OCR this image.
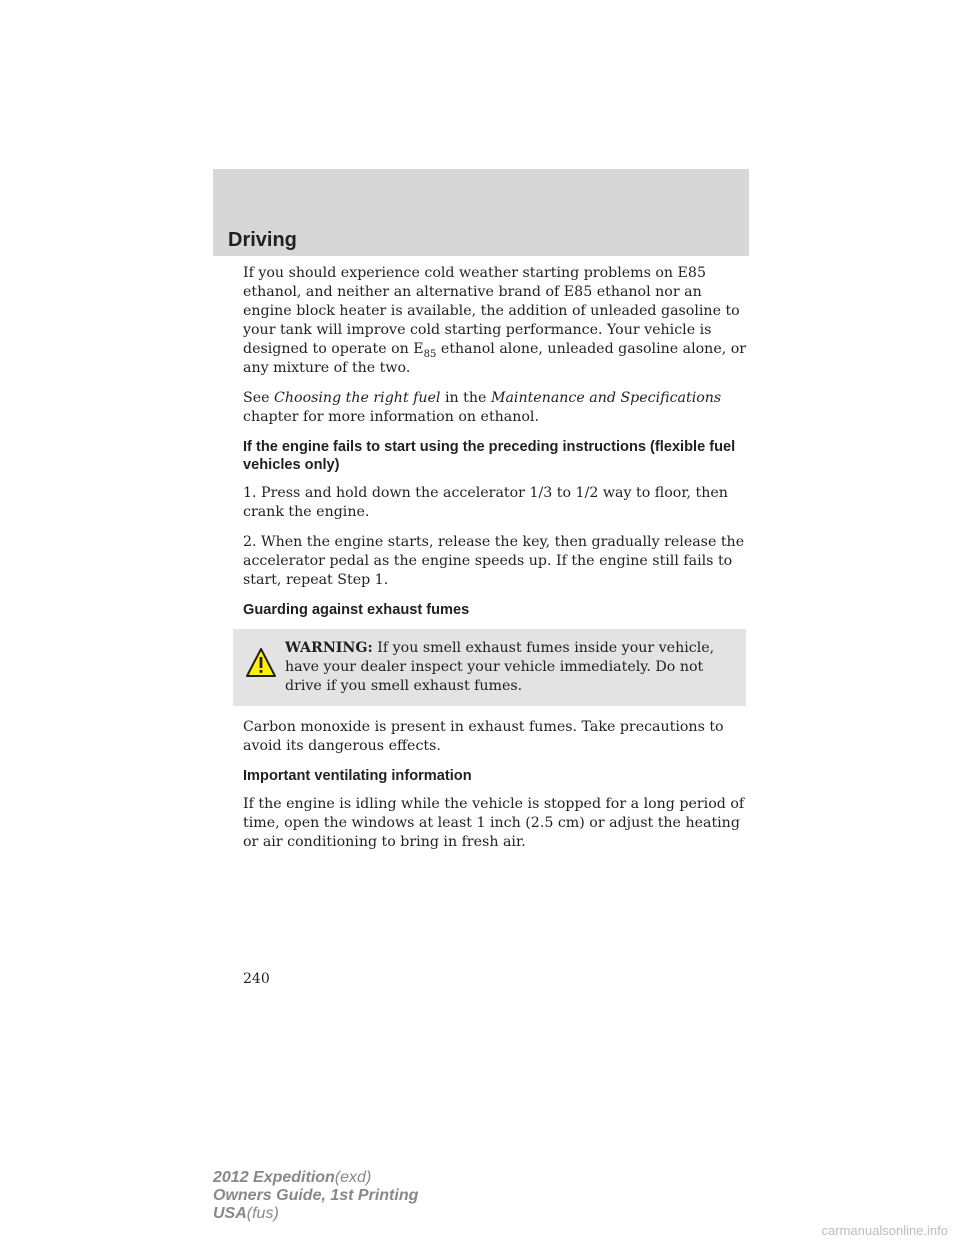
Driving

If you should experience cold weather starting problems on E85 ethanol, and neither an alternative brand of E85 ethanol nor an engine block heater is available, the addition of unleaded gasoline to your tank will improve cold starting performance. Your vehicle is designed to operate on $E_{85}$ ethanol alone, unleaded gasoline alone, or any mixture of the two.

See Choosing the right fuel in the Maintenance and Specifications chapter for more information on ethanol.

If the engine fails to start using the preceding instructions (flexible fuel vehicles only)

1. Press and hold down the accelerator 1/3 to 1/2 way to floor, then crank the engine.

2. When the engine starts, release the key, then gradually release the accelerator pedal as the engine speeds up. If the engine still fails to start, repeat Step 1.

Guarding against exhaust fumes
WARNING: If you smell exhaust fumes inside your vehicle, have your dealer inspect your vehicle immediately. Do not drive if you smell exhaust fumes.

Carbon monoxide is present in exhaust fumes. Take precautions to avoid its dangerous effects.

Important ventilating information

If the engine is idling while the vehicle is stopped for a long period of time, open the windows at least 1 inch (2.5 cm) or adjust the heating or air conditioning to bring in fresh air.

240
2012 Expedition(exd)
Owners Guide, 1st Printing
USA(fus)
carmanualsonline.info
